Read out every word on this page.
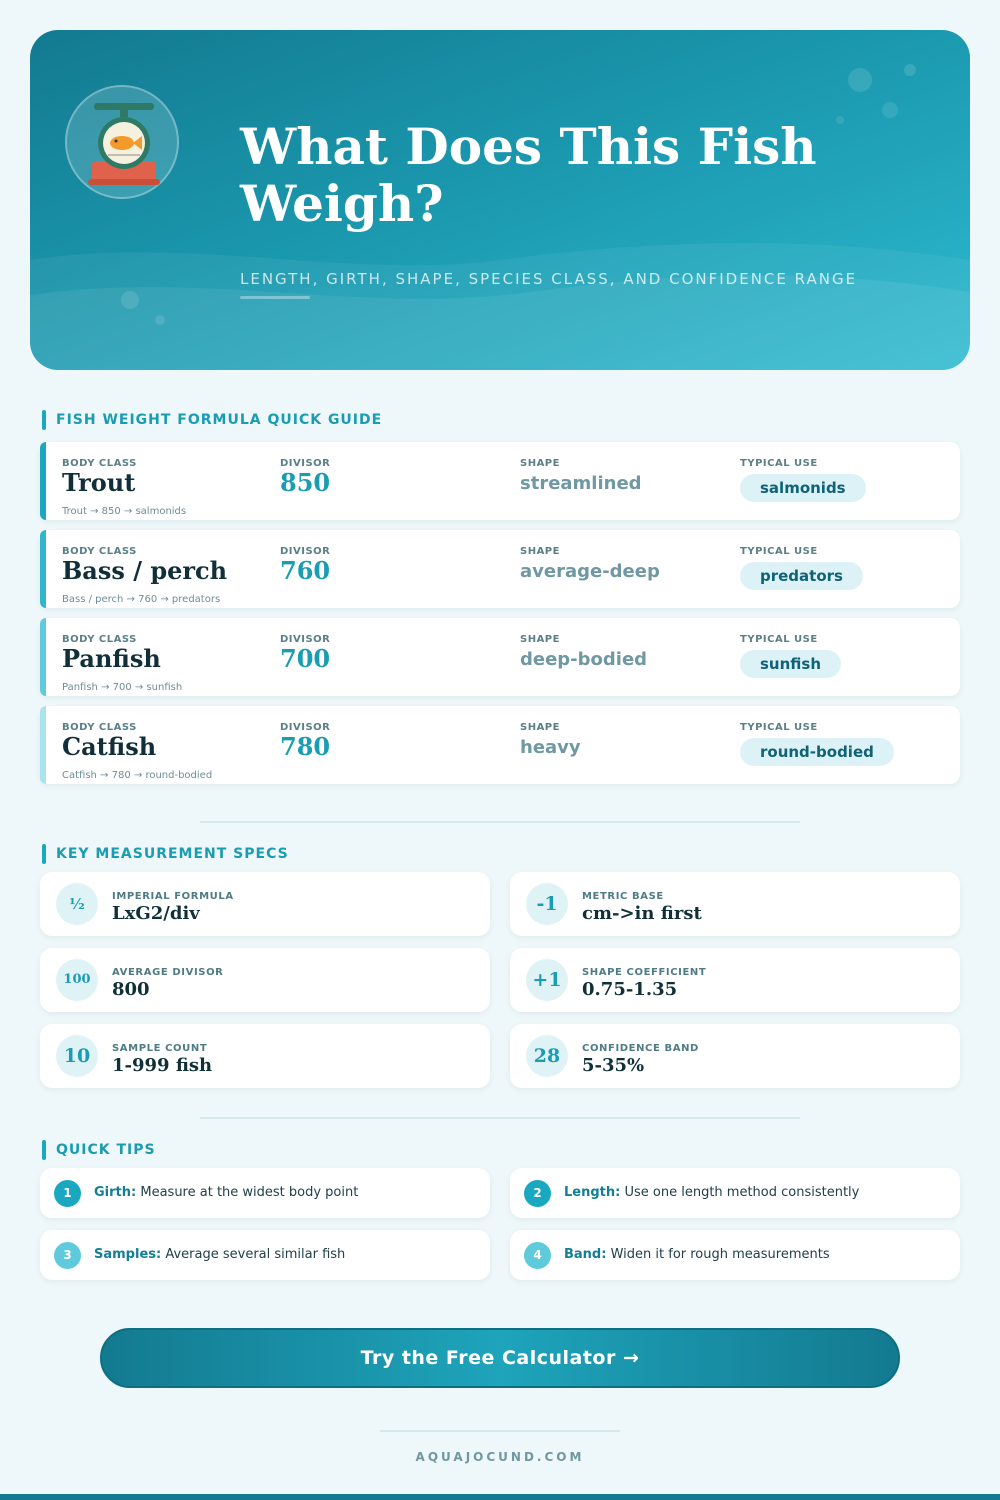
What Does This Fish Weigh?
LENGTH, GIRTH, SHAPE, SPECIES CLASS, AND CONFIDENCE RANGE
FISH WEIGHT FORMULA QUICK GUIDE
BODY CLASS	DIVISOR	SHAPE	TYPICAL USE
Trout	850	streamlined	salmonids
Trout → 850 → salmonids
BODY CLASS	DIVISOR	SHAPE	TYPICAL USE
Bass / perch 760	average-deep	predators
Bass / perch → 760 → predators
BODY CLASS	DIVISOR	SHAPE	TYPICAL USE
Panfish	700	deep-bodied	sunfish
Panfish → 700 → sunfish
BODY CLASS	DIVISOR	SHAPE	TYPICAL USE
Catfish	780	heavy	round-bodied
Catfish → 780 → round-bodied
KEY MEASUREMENT SPECS
½	IMPERIAL FORMULA
LxG2/div	-1	METRIC BASE
cm->in first
100	AVERAGE DIVISOR
800	+1	SHAPE COEFFICIENT
0.75-1.35
10	SAMPLE COUNT
1-999 fish	28	CONFIDENCE BAND
5-35%
QUICK TIPS
1	Girth: Measure at the widest body point	2	Length: Use one length method consistently
3	Samples: Average several similar fish	4	Band: Widen it for rough measurements
Try the Free Calculator →
AQUAJOCUND.COM
